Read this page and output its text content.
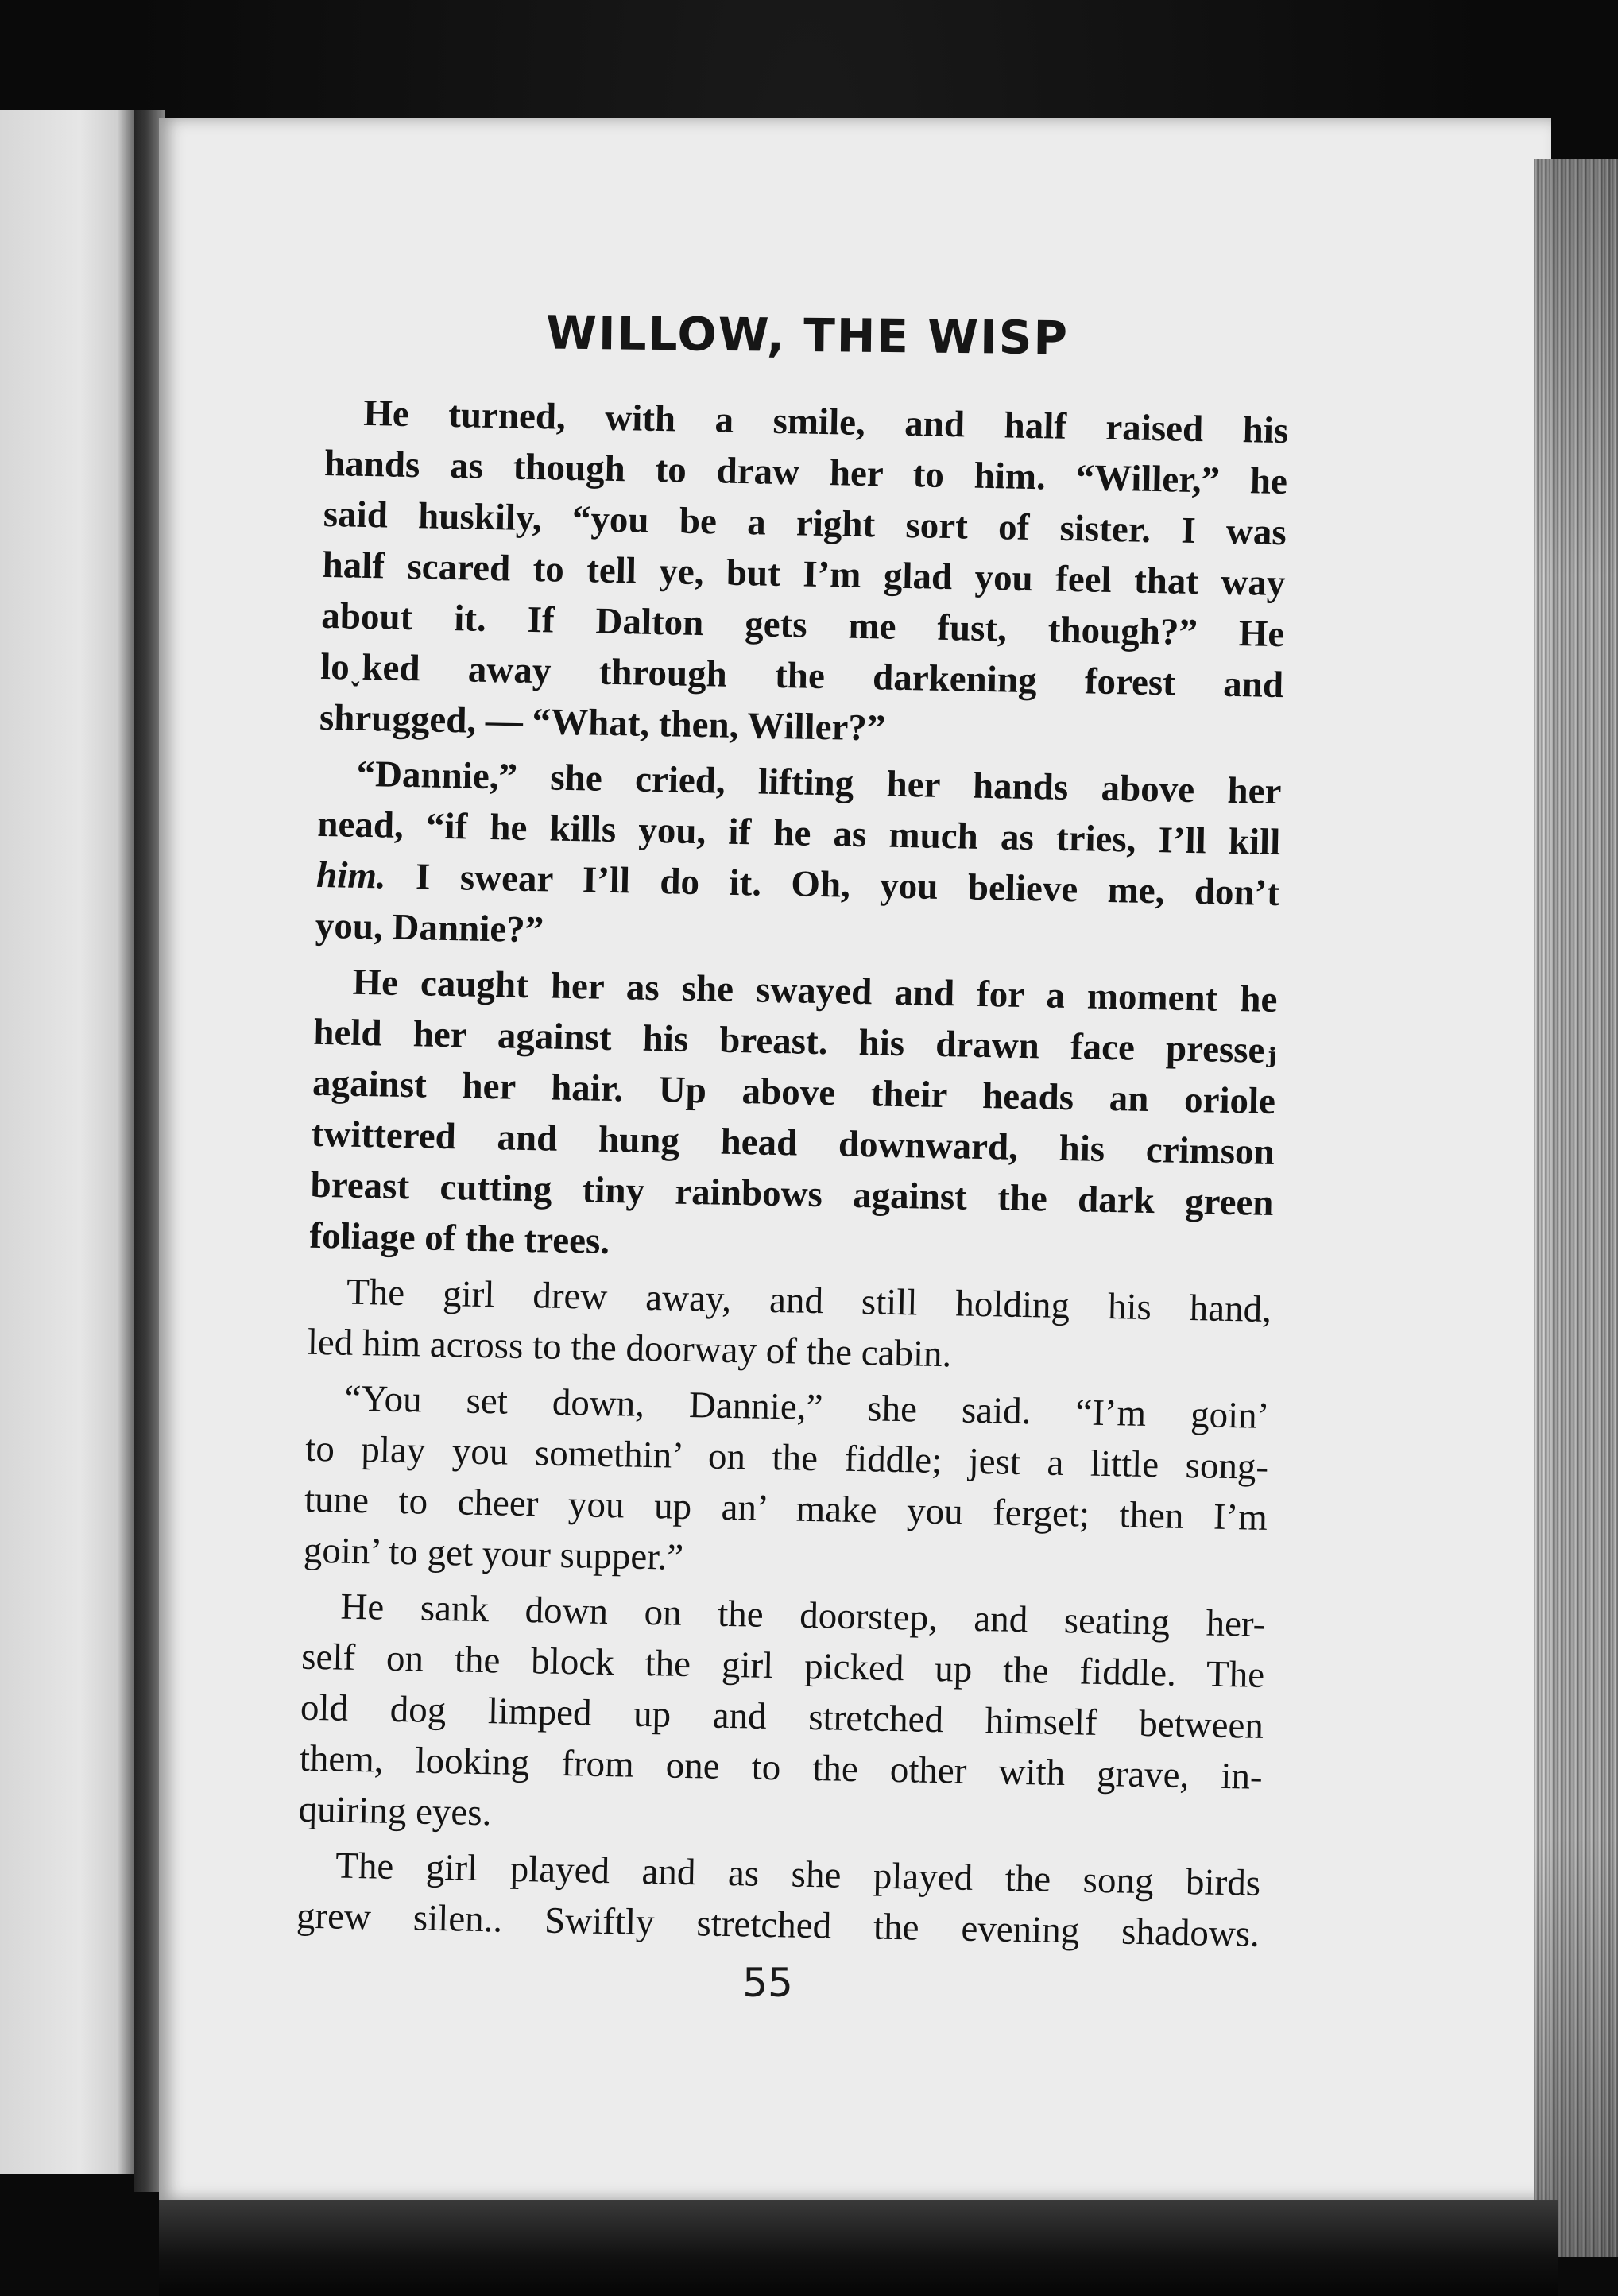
WILLOW, THE WISP
He turned, with a smile, and half raised his
hands as though to draw her to him. “Willer,” he
said huskily, “you be a right sort of sister. I was
half scared to tell ye, but I’m glad you feel that way
about it. If Dalton gets me fust, though?” He
lo˯ked away through the darkening forest and
shrugged, — “What, then, Willer?”
“Dannie,” she cried, lifting her hands above her
nead, “if he kills you, if he as much as tries, I’ll kill
him. I swear I’ll do it. Oh, you believe me, don’t
you, Dannie?”
He caught her as she swayed and for a moment he
held her against his breast. his drawn face presseⱼ
against her hair. Up above their heads an oriole
twittered and hung head downward, his crimson
breast cutting tiny rainbows against the dark green
foliage of the trees.
The girl drew away, and still holding his hand,
led him across to the doorway of the cabin.
“You set down, Dannie,” she said. “I’m goin’
to play you somethin’ on the fiddle; jest a little song-
tune to cheer you up an’ make you ferget; then I’m
goin’ to get your supper.”
He sank down on the doorstep, and seating her-
self on the block the girl picked up the fiddle. The
old dog limped up and stretched himself between
them, looking from one to the other with grave, in-
quiring eyes.
The girl played and as she played the song birds
grew silen.. Swiftly stretched the evening shadows.
55
